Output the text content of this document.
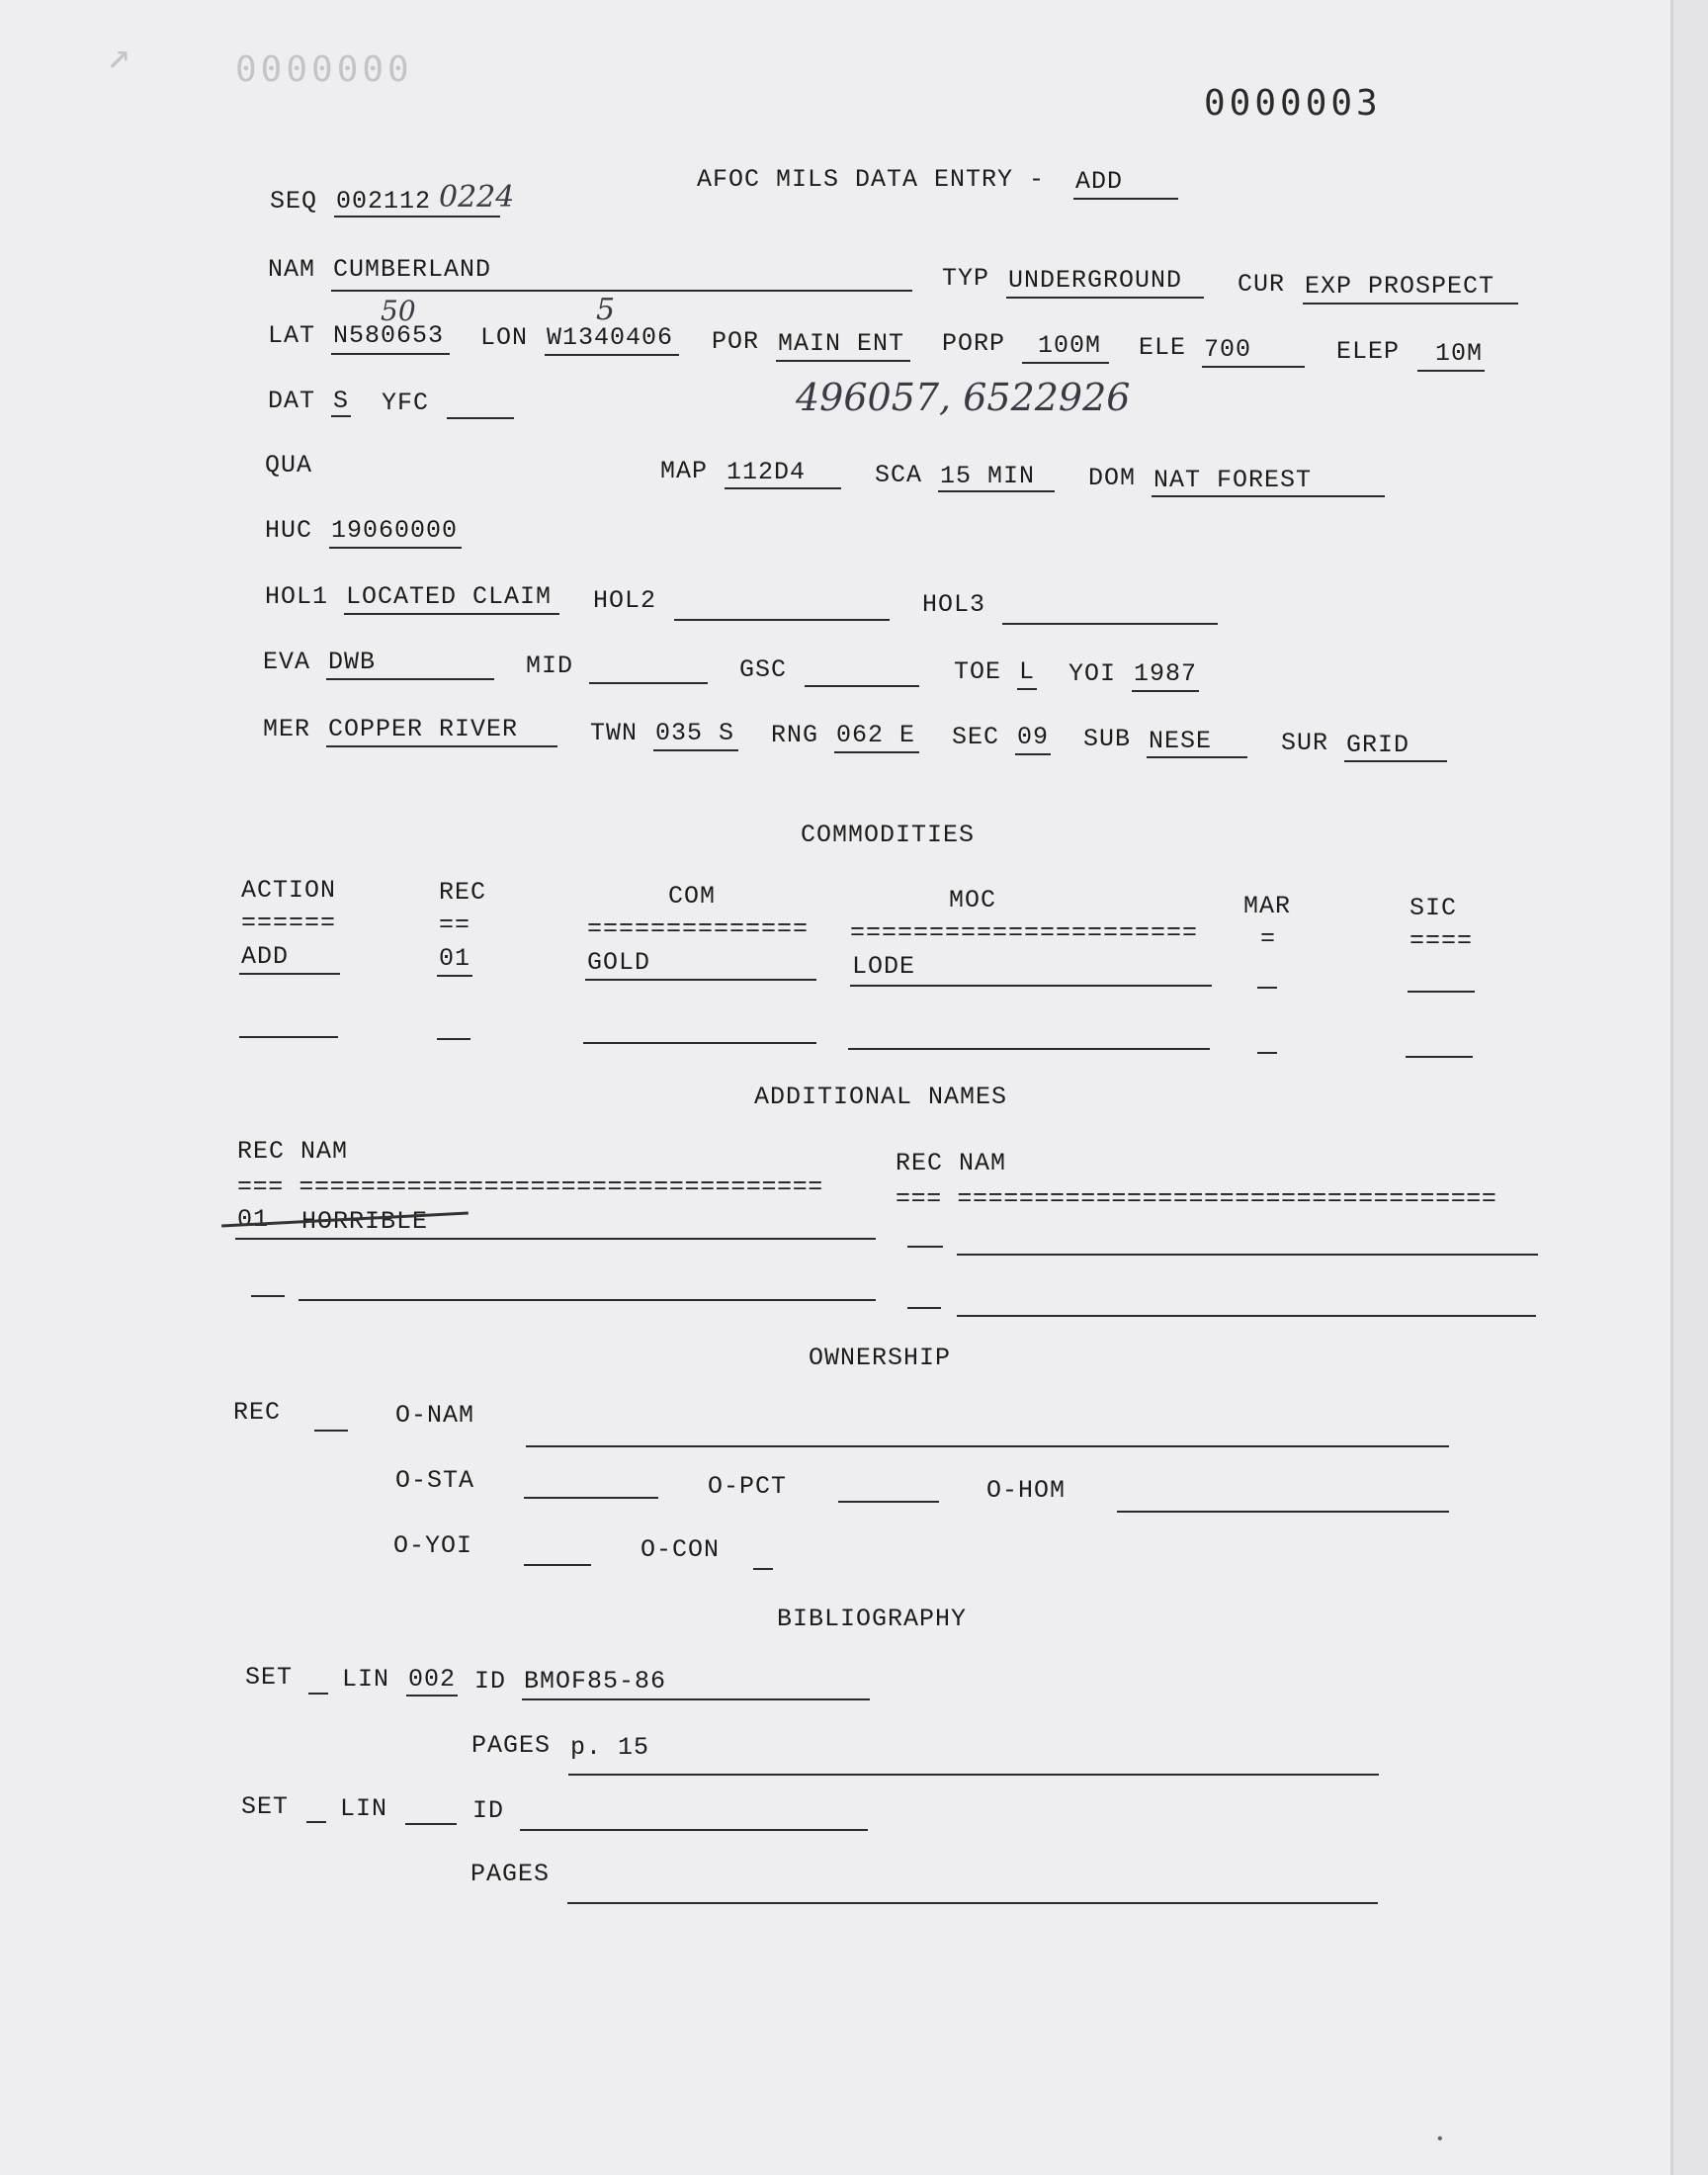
↗	0000000
0000003
AFOC MILS DATA ENTRY - ADD
SEQ 002112 0224
NAM CUMBERLAND	TYP UNDERGROUND CUR EXP PROSPECT
LAT N580653
50
LON W1340406
5
POR MAIN ENT PORP 100M ELE 700	ELEP 10M
DAT S YFC	496057, 6522926
QUA	MAP 112D4	SCA 15 MIN DOM NAT FOREST
HUC 19060000
HOL1 LOCATED CLAIM HOL2	HOL3
EVA DWB	MID	GSC	TOE L YOI 1987
MER COPPER RIVER	TWN 035 S RNG 062 E SEC 09 SUB NESE	SUR GRID
COMMODITIES
ACTION	REC	COM	MOC	MAR	SIC
======	==	============== ======================	=	====
ADD	01	GOLD	LODE
ADDITIONAL NAMES
REC NAM	REC NAM
=== ==================================	=== ===================================
01 HORRIBLE
OWNERSHIP
REC	O-NAM
O-STA	O-PCT	O-HOM
O-YOI	O-CON
BIBLIOGRAPHY
SET LIN 002 ID BMOF85-86
PAGES p. 15
SET LIN	ID
PAGES
•
